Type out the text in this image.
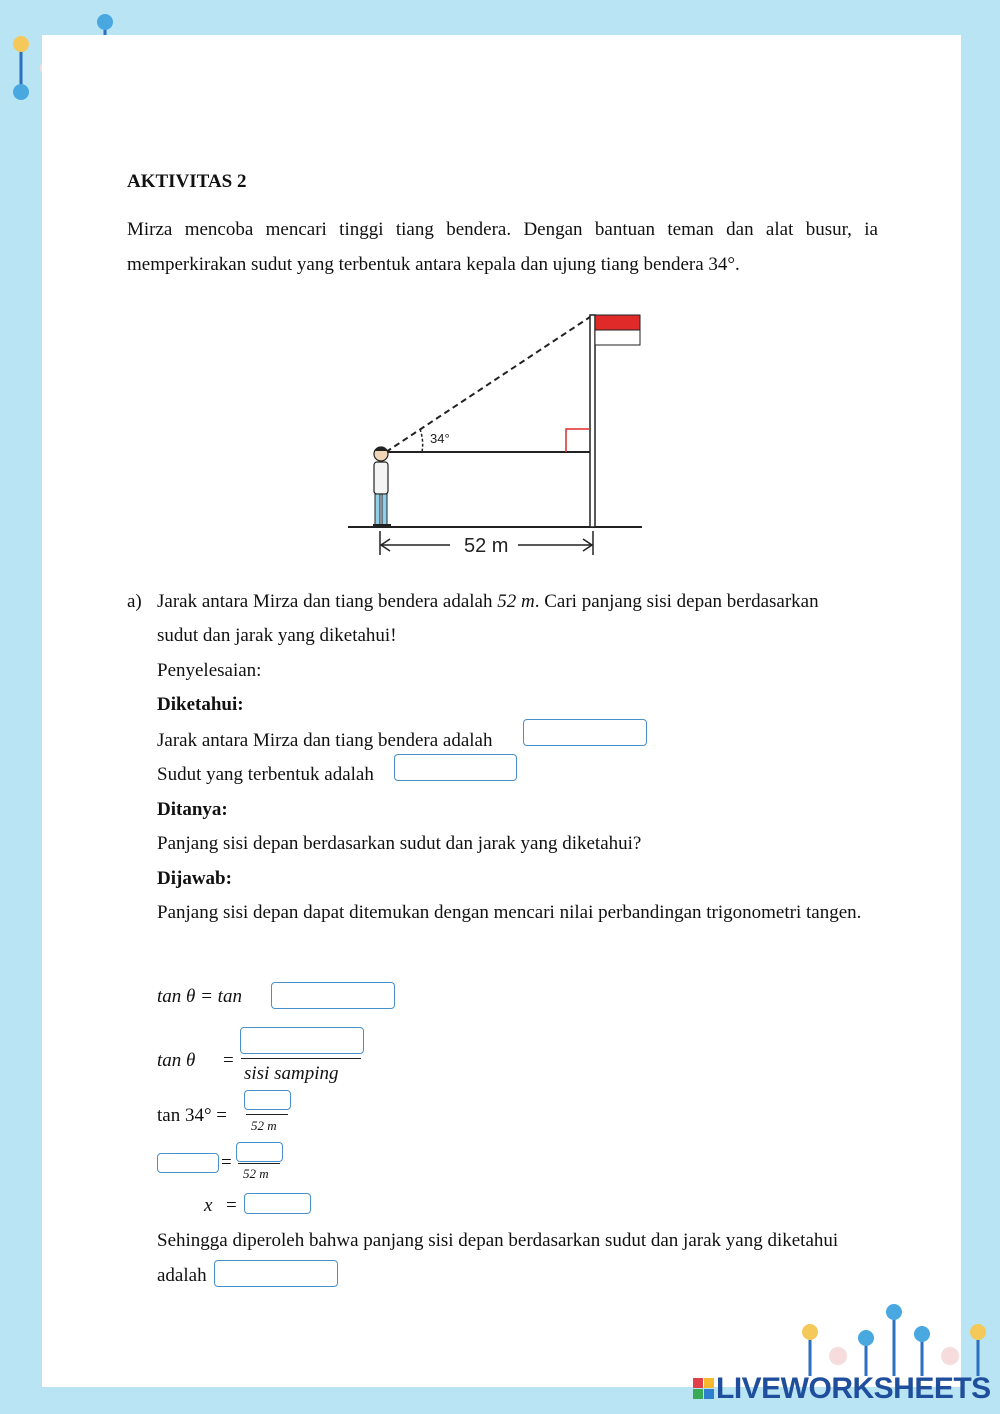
AKTIVITAS 2
Mirza mencoba mencari tinggi tiang bendera. Dengan bantuan teman dan alat busur, ia memperkirakan sudut yang terbentuk antara kepala dan ujung tiang bendera 34°.
34°
52 m
a) Jarak antara Mirza dan tiang bendera adalah 52 m. Cari panjang sisi depan berdasarkan
sudut dan jarak yang diketahui!
Penyelesaian:
Diketahui:
Jarak antara Mirza dan tiang bendera adalah
Sudut yang terbentuk adalah
Ditanya:
Panjang sisi depan berdasarkan sudut dan jarak yang diketahui?
Dijawab:
Panjang sisi depan dapat ditemukan dengan mencari nilai perbandingan trigonometri tangen.
tan θ = tan
tan θ =
sisi samping
tan 34° = 52 m
=
52 m
x =
Sehingga diperoleh bahwa panjang sisi depan berdasarkan sudut dan jarak yang diketahui
adalah
LIVEWORKSHEETS
